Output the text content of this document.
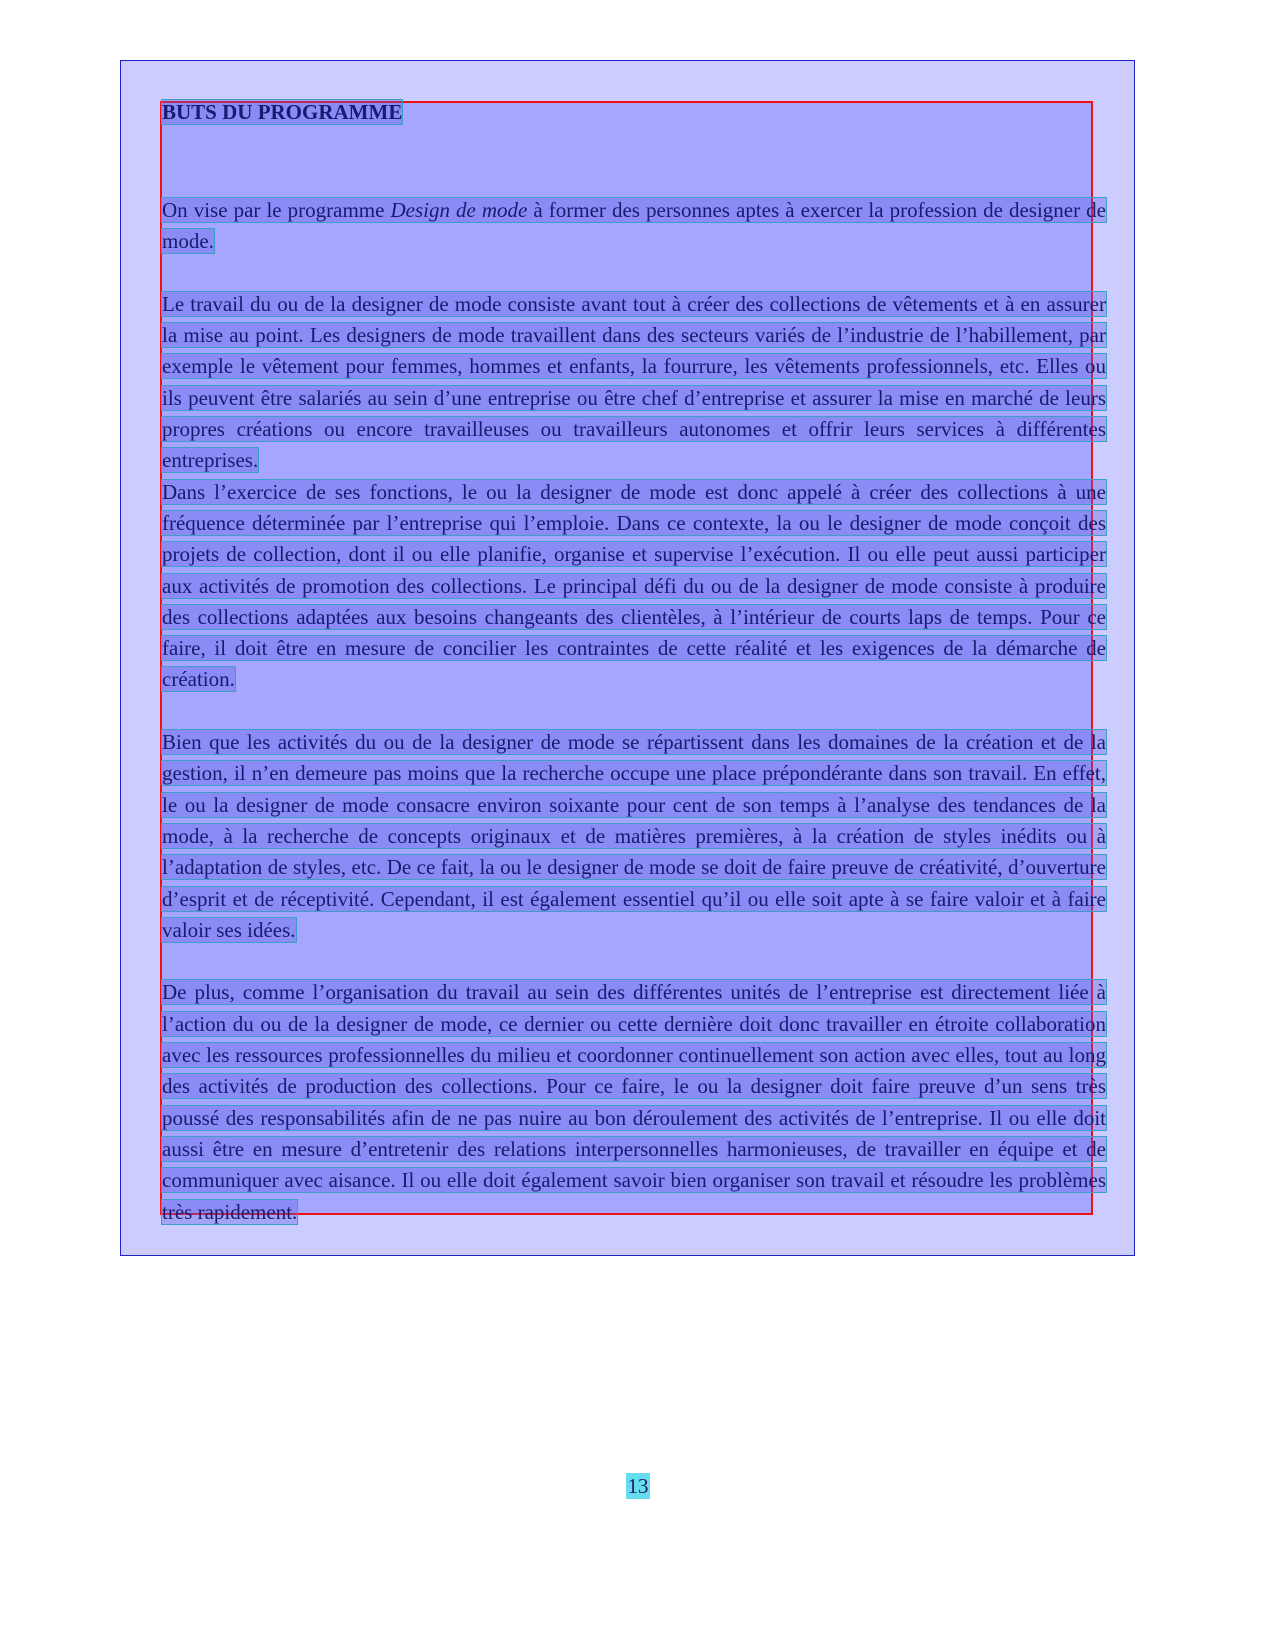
BUTS DU PROGRAMME

On vise par le programme Design de mode à former des personnes aptes à exercer la profession de designer de mode.

Le travail du ou de la designer de mode consiste avant tout à créer des collections de vêtements et à en assurer la mise au point. Les designers de mode travaillent dans des secteurs variés de l’industrie de l’habillement, par exemple le vêtement pour femmes, hommes et enfants, la fourrure, les vêtements professionnels, etc. Elles ou ils peuvent être salariés au sein d’une entreprise ou être chef d’entreprise et assurer la mise en marché de leurs propres créations ou encore travailleuses ou travailleurs autonomes et offrir leurs services à différentes entreprises.

Dans l’exercice de ses fonctions, le ou la designer de mode est donc appelé à créer des collections à une fréquence déterminée par l’entreprise qui l’emploie. Dans ce contexte, la ou le designer de mode conçoit des projets de collection, dont il ou elle planifie, organise et supervise l’exécution. Il ou elle peut aussi participer aux activités de promotion des collections. Le principal défi du ou de la designer de mode consiste à produire des collections adaptées aux besoins changeants des clientèles, à l’intérieur de courts laps de temps. Pour ce faire, il doit être en mesure de concilier les contraintes de cette réalité et les exigences de la démarche de création.

Bien que les activités du ou de la designer de mode se répartissent dans les domaines de la création et de la gestion, il n’en demeure pas moins que la recherche occupe une place prépondérante dans son travail. En effet, le ou la designer de mode consacre environ soixante pour cent de son temps à l’analyse des tendances de la mode, à la recherche de concepts originaux et de matières premières, à la création de styles inédits ou à l’adaptation de styles, etc. De ce fait, la ou le designer de mode se doit de faire preuve de créativité, d’ouverture d’esprit et de réceptivité. Cependant, il est également essentiel qu’il ou elle soit apte à se faire valoir et à faire valoir ses idées.

De plus, comme l’organisation du travail au sein des différentes unités de l’entreprise est directement liée à l’action du ou de la designer de mode, ce dernier ou cette dernière doit donc travailler en étroite collaboration avec les ressources professionnelles du milieu et coordonner continuellement son action avec elles, tout au long des activités de production des collections. Pour ce faire, le ou la designer doit faire preuve d’un sens très poussé des responsabilités afin de ne pas nuire au bon déroulement des activités de l’entreprise. Il ou elle doit aussi être en mesure d’entretenir des relations interpersonnelles harmonieuses, de travailler en équipe et de communiquer avec aisance. Il ou elle doit également savoir bien organiser son travail et résoudre les problèmes très rapidement.

13
